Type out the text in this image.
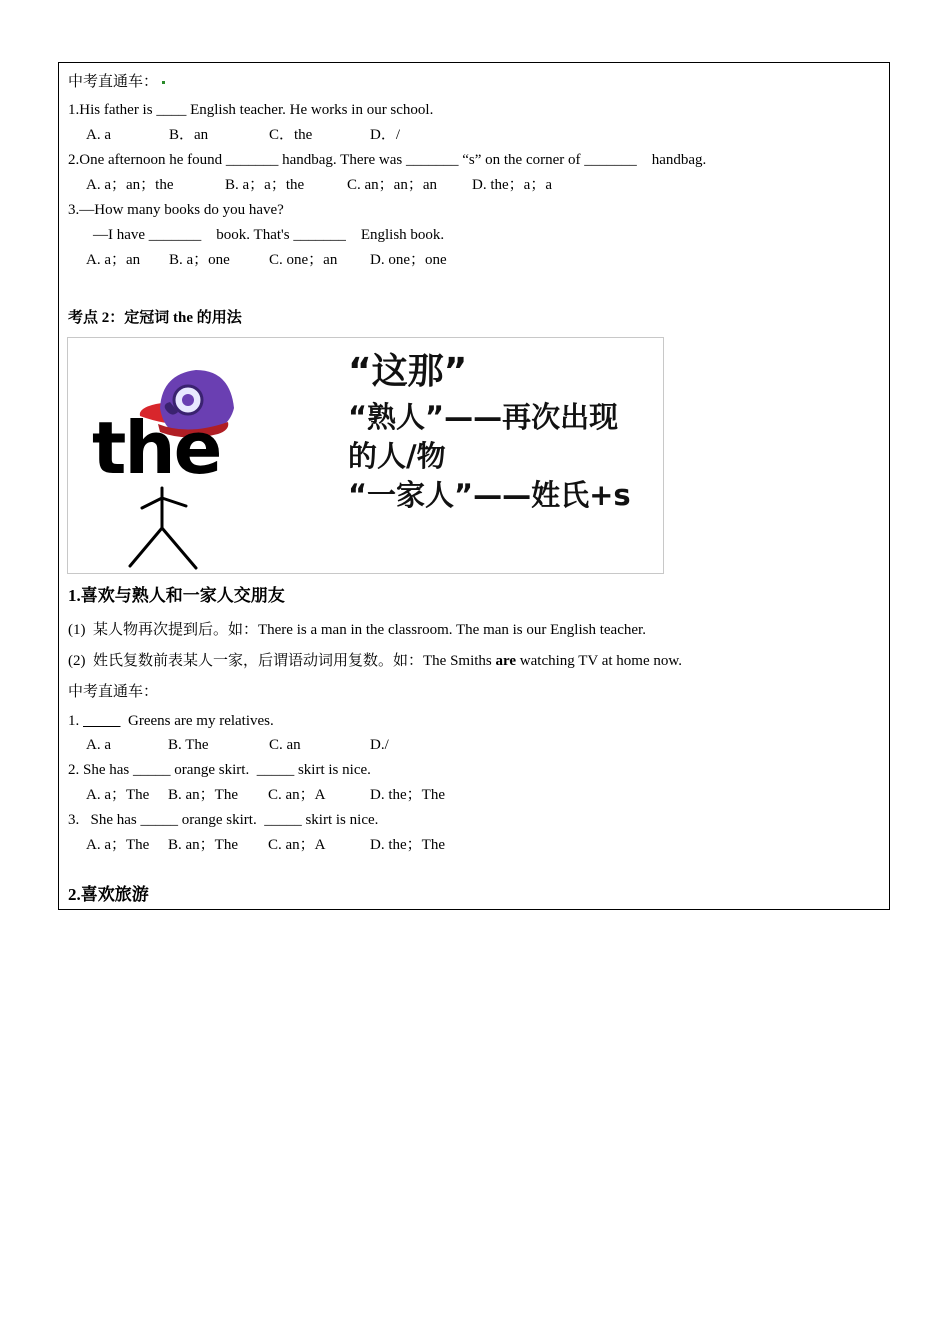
中考直通车：
1.His father is ____ English teacher. He works in our school.
A. a	B．an	C．the	D．/
2.One afternoon he found _______ handbag. There was _______ “s” on the corner of _______    handbag.
A. a；an；the	B. a；a；the	C. an；an；an D. the；a；a
3.—How many books do you have?
—I have _______    book. That's _______    English book.
A. a；an B. a；one	C. one；an D. one；one
考点 2：定冠词 the 的用法
the
“这那”
“熟人”——再次出现
的人/物
“一家人”——姓氏+s
1.喜欢与熟人和一家人交朋友
(1)  某人物再次提到后。如：There is a man in the classroom. The man is our English teacher.
(2)  姓氏复数前表某人一家，后谓语动词用复数。如：The Smiths are watching TV at home now.
中考直通车：
1.	Greens are my relatives.
A. a	B. The	C. an	D./
2. She has _____ orange skirt.  _____ skirt is nice.
A. a；The B. an；The C. an；A	D. the；The
3.   She has _____ orange skirt.  _____ skirt is nice.
A. a；The B. an；The C. an；A	D. the；The
2.喜欢旅游
